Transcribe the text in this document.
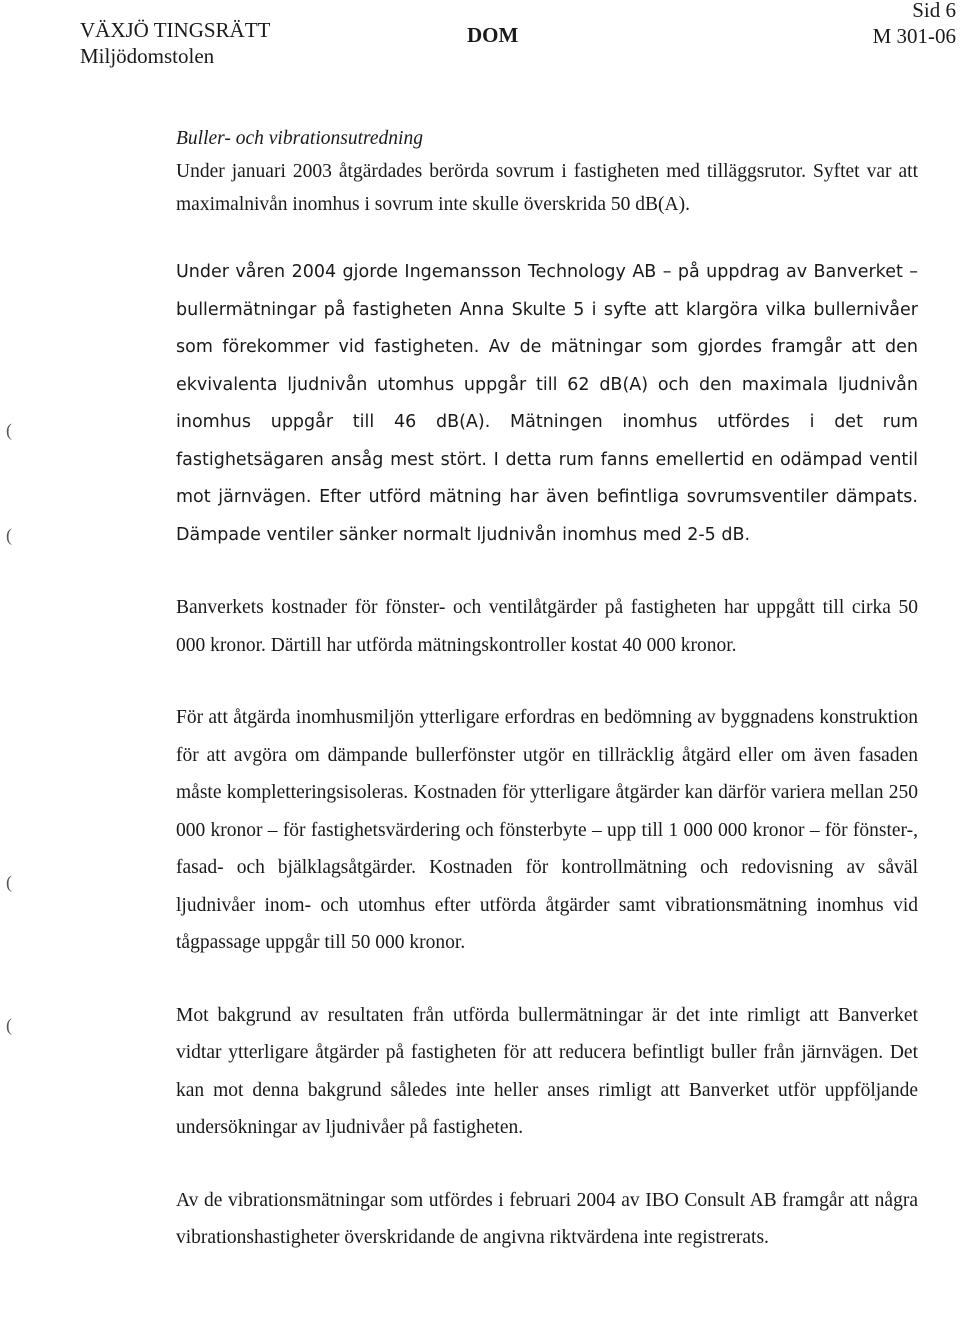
VÄXJÖ TINGSRÄTT
Miljödomstolen
DOM
Sid 6
M 301-06
(
(
(
(

Buller- och vibrationsutredning

Under januari 2003 åtgärdades berörda sovrum i fastigheten med tilläggsrutor. Syftet var att maximalnivån inomhus i sovrum inte skulle överskrida 50 dB(A).

Under våren 2004 gjorde Ingemansson Technology AB – på uppdrag av Banverket – bullermätningar på fastigheten Anna Skulte 5 i syfte att klargöra vilka bullernivåer som förekommer vid fastigheten. Av de mätningar som gjordes framgår att den ekvivalenta ljudnivån utomhus uppgår till 62 dB(A) och den maximala ljudnivån inomhus uppgår till 46 dB(A). Mätningen inomhus utfördes i det rum fastighetsägaren ansåg mest stört. I detta rum fanns emellertid en odämpad ventil mot järnvägen. Efter utförd mätning har även befintliga sovrumsventiler dämpats. Dämpade ventiler sänker normalt ljudnivån inomhus med 2-5 dB.

Banverkets kostnader för fönster- och ventilåtgärder på fastigheten har uppgått till cirka 50 000 kronor. Därtill har utförda mätningskontroller kostat 40 000 kronor.

För att åtgärda inomhusmiljön ytterligare erfordras en bedömning av byggnadens konstruktion för att avgöra om dämpande bullerfönster utgör en tillräcklig åtgärd eller om även fasaden måste kompletteringsisoleras. Kostnaden för ytterligare åtgärder kan därför variera mellan 250 000 kronor – för fastighetsvärdering och fönsterbyte – upp till 1 000 000 kronor – för fönster-, fasad- och bjälklagsåtgärder. Kostnaden för kontrollmätning och redovisning av såväl ljudnivåer inom- och utomhus efter utförda åtgärder samt vibrationsmätning inomhus vid tågpassage uppgår till 50 000 kronor.

Mot bakgrund av resultaten från utförda bullermätningar är det inte rimligt att Banverket vidtar ytterligare åtgärder på fastigheten för att reducera befintligt buller från järnvägen. Det kan mot denna bakgrund således inte heller anses rimligt att Banverket utför uppföljande undersökningar av ljudnivåer på fastigheten.

Av de vibrationsmätningar som utfördes i februari 2004 av IBO Consult AB framgår att några vibrationshastigheter överskridande de angivna riktvärdena inte registrerats.
